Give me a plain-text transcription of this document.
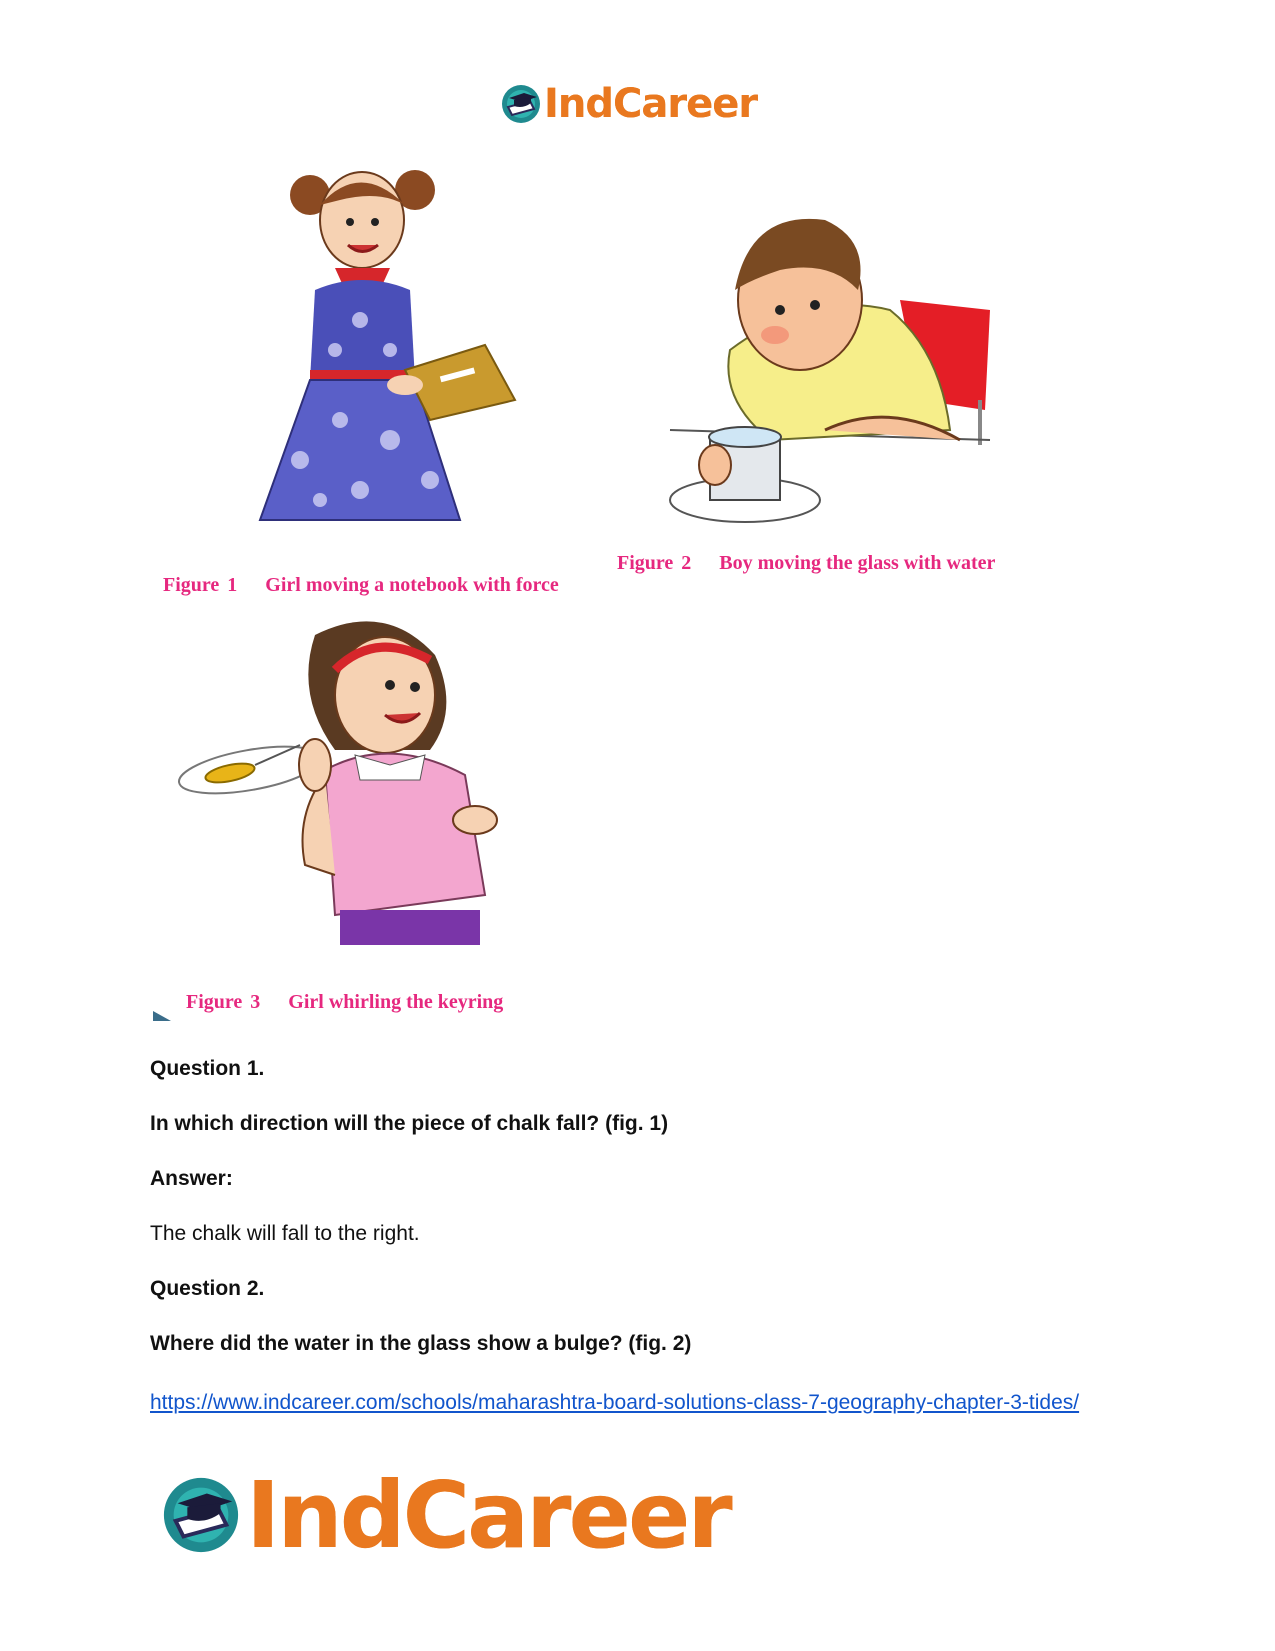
IndCareer
Figure 1 Girl moving a notebook with force
Figure 2 Boy moving the glass with water
Figure 3 Girl whirling the keyring
Question 1.
In which direction will the piece of chalk fall? (fig. 1)
Answer:
The chalk will fall to the right.
Question 2.
Where did the water in the glass show a bulge? (fig. 2)
https://www.indcareer.com/schools/maharashtra-board-solutions-class-7-geography-chapter-3-tides/
IndCareer
